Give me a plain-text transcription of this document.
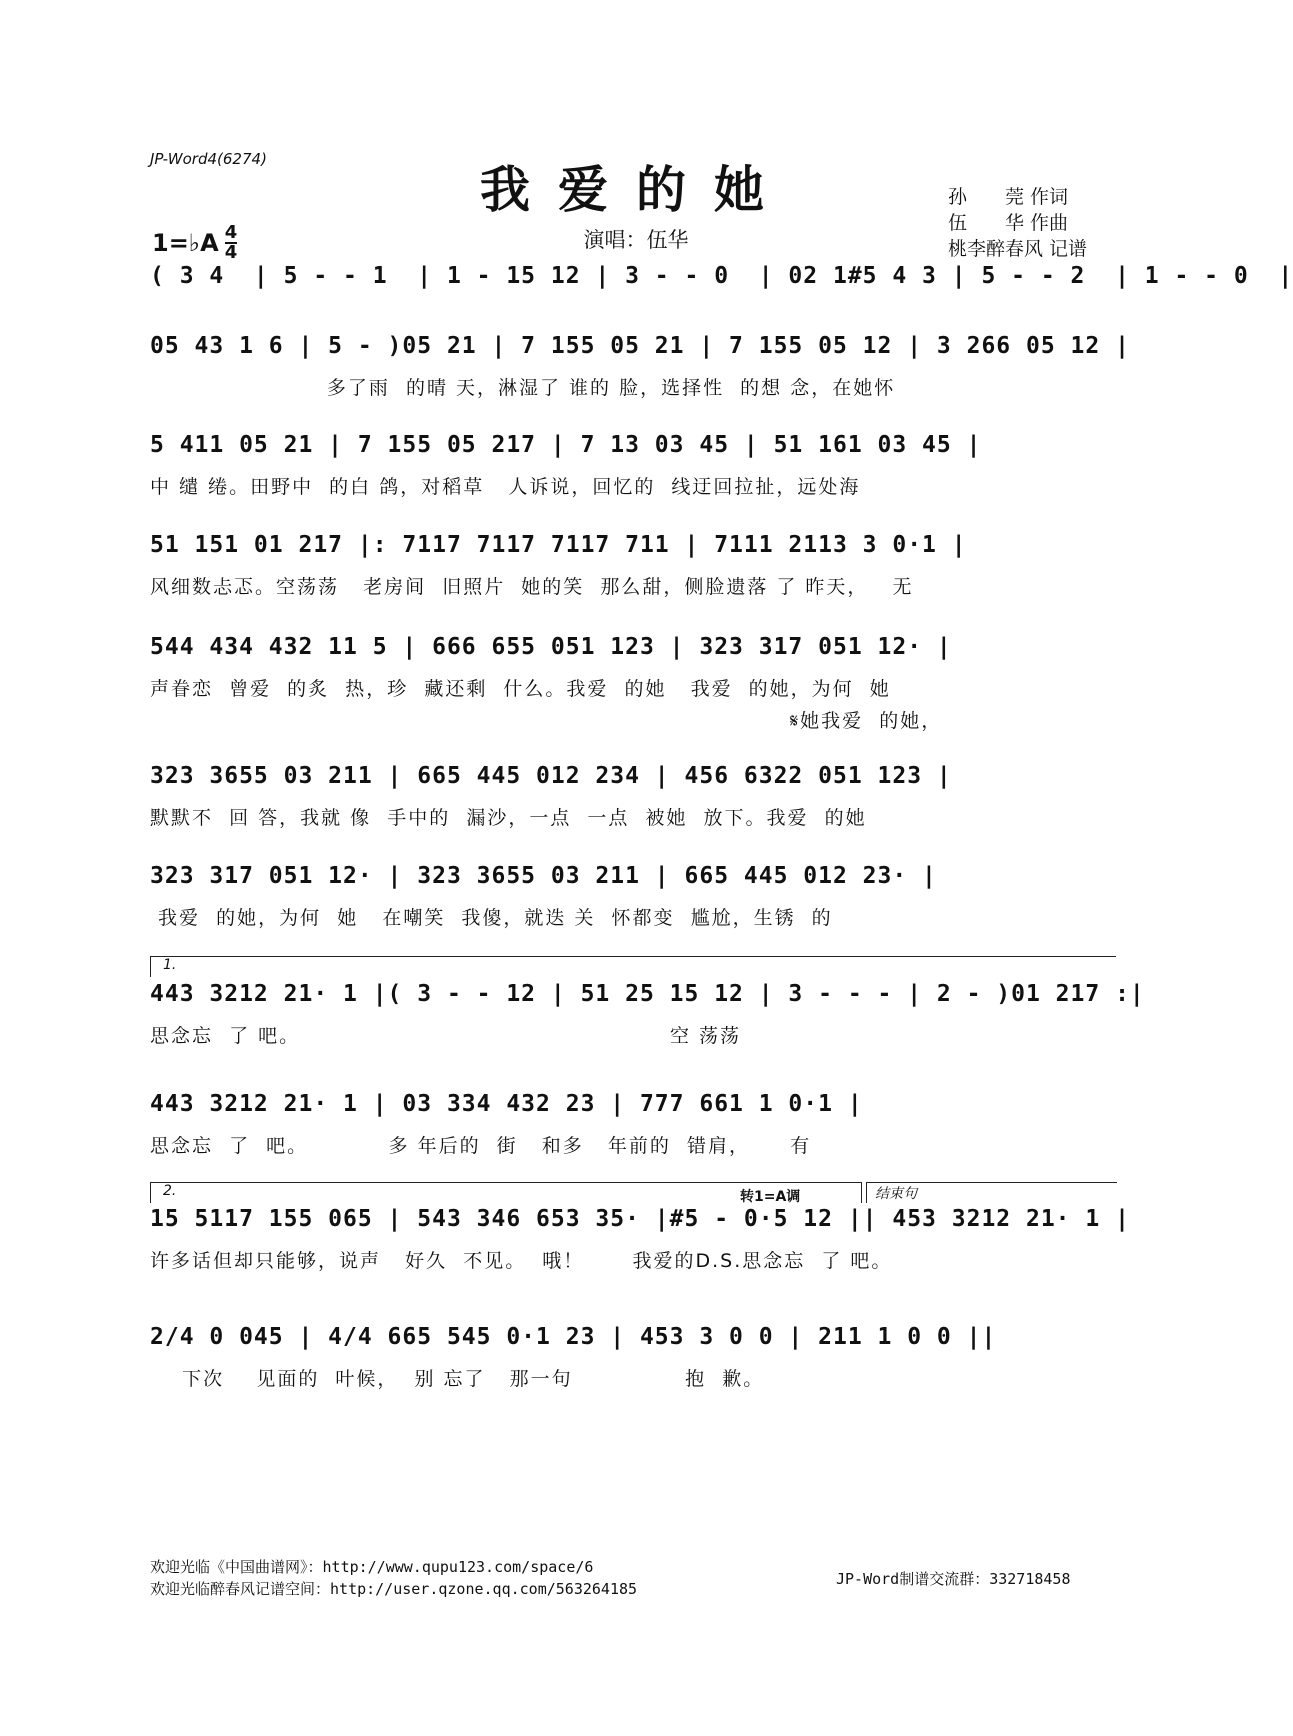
JP-Word4(6274)
我爱的她	孙　　莞 作词
伍　　华 作曲
桃李醉春风 记谱
1=♭A $\frac{4}{4}$	演唱：伍华
( 3 4  | 5 - - 1  | 1 - 15 12 | 3 - - 0  | 02 1#5 4 3 | 5 - - 2  | 1 - - 0  |
05 43 1 6 | 5 - )05 21 | 7 155 05 21 | 7 155 05 12 | 3 266 05 12 |
多了雨  的晴 天，淋湿了 谁的 脸，选择性  的想 念，在她怀
5 411 05 21 | 7 155 05 217 | 7 13 03 45 | 51 161 03 45 |
中 缱 绻。田野中  的白 鸽，对稻草   人诉说，回忆的  线迂回拉扯，远处海
51 151 01 217 |: 7117 7117 7117 711 | 7111 2113 3 0·1 |
风细数忐忑。空荡荡   老房间  旧照片  她的笑  那么甜，侧脸遗落 了 昨天，   无
544 434 432 11 5 | 666 655 051 123 | 323 317 051 12· |
声眷恋  曾爱  的炙  热，珍  藏还剩  什么。我爱  的她   我爱  的她，为何  她
𝄋她我爱  的她，
323 3655 03 211 | 665 445 012 234 | 456 6322 051 123 |
默默不  回 答，我就 像  手中的  漏沙，一点  一点  被她  放下。我爱  的她
323 317 051 12· | 323 3655 03 211 | 665 445 012 23· |
我爱  的她，为何  她   在嘲笑  我傻，就迭 关  怀都变  尴尬，生锈  的
1.
443 3212 21· 1 |( 3 - - 12 | 51 25 15 12 | 3 - - - | 2 - )01 217 :|
思念忘  了 吧。                                              空 荡荡
443 3212 21· 1 | 03 334 432 23 | 777 661 1 0·1 |
思念忘  了  吧。          多 年后的  街   和多   年前的  错肩，     有
2.	结束句
转1=A调
15 5117 155 065 | 543 346 653 35· |#5 - 0·5 12 || 453 3212 21· 1 |
许多话但却只能够，说声   好久  不见。  哦！      我爱的D.S.思念忘  了 吧。
2/4 0 045 | 4/4 665 545 0·1 23 | 453 3 0 0 | 211 1 0 0 ||
下次    见面的  叶候，  别 忘了   那一句              抱  歉。
欢迎光临《中国曲谱网》：http://www.qupu123.com/space/6
欢迎光临醉春风记谱空间：http://user.qzone.qq.com/563264185
JP-Word制谱交流群：332718458
